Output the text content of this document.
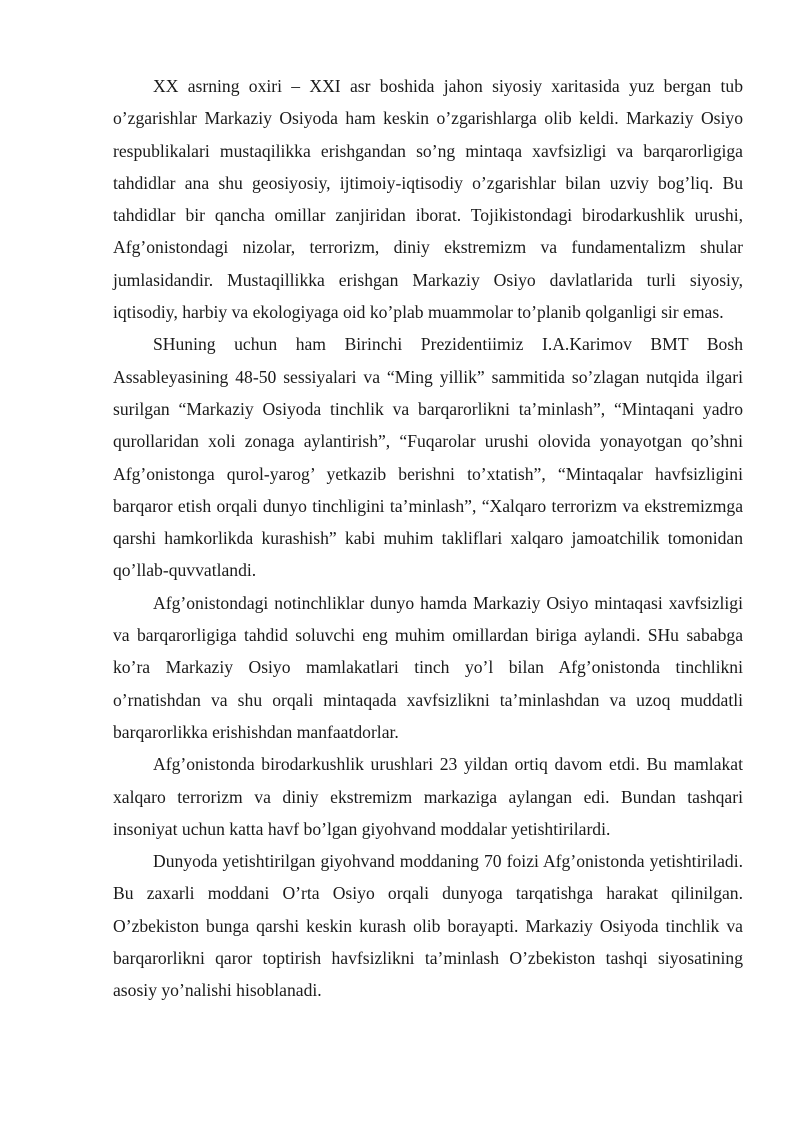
XX asrning oxiri – XXI asr boshida jahon siyosiy xaritasida yuz bergan tub o’zgarishlar Markaziy Osiyoda ham keskin o’zgarishlarga olib keldi. Markaziy Osiyo respublikalari mustaqilikka erishgandan so’ng mintaqa xavfsizligi va barqarorligiga tahdidlar ana shu geosiyosiy, ijtimoiy-iqtisodiy o’zgarishlar bilan uzviy bog’liq. Bu tahdidlar bir qancha omillar zanjiridan iborat. Tojikistondagi birodarkushlik urushi, Afg’onistondagi nizolar, terrorizm, diniy ekstremizm va fundamentalizm shular jumlasidandir. Mustaqillikka erishgan Markaziy Osiyo davlatlarida turli siyosiy, iqtisodiy, harbiy va ekologiyaga oid ko’plab muammolar to’planib qolganligi sir emas.

SHuning uchun ham Birinchi Prezidentiimiz I.A.Karimov BMT Bosh Assableyasining 48-50 sessiyalari va “Ming yillik” sammitida so’zlagan nutqida ilgari surilgan “Markaziy Osiyoda tinchlik va barqarorlikni ta’minlash”, “Mintaqani yadro qurollaridan xoli zonaga aylantirish”, “Fuqarolar urushi olovida yonayotgan qo’shni Afg’onistonga qurol-yarog’ yetkazib berishni to’xtatish”, “Mintaqalar havfsizligini barqaror etish orqali dunyo tinchligini ta’minlash”, “Xalqaro terrorizm va ekstremizmga qarshi hamkorlikda kurashish” kabi muhim takliflari xalqaro jamoatchilik tomonidan qo’llab-quvvatlandi.

Afg’onistondagi notinchliklar dunyo hamda Markaziy Osiyo mintaqasi xavfsizligi va barqarorligiga tahdid soluvchi eng muhim omillardan biriga aylandi. SHu sababga ko’ra Markaziy Osiyo mamlakatlari tinch yo’l bilan Afg’onistonda tinchlikni o’rnatishdan va shu orqali mintaqada xavfsizlikni ta’minlashdan va uzoq muddatli barqarorlikka erishishdan manfaatdorlar.

Afg’onistonda birodarkushlik urushlari 23 yildan ortiq davom etdi. Bu mamlakat xalqaro terrorizm va diniy ekstremizm markaziga aylangan edi. Bundan tashqari insoniyat uchun katta havf bo’lgan giyohvand moddalar yetishtirilardi.

Dunyoda yetishtirilgan giyohvand moddaning 70 foizi Afg’onistonda yetishtiriladi. Bu zaxarli moddani O’rta Osiyo orqali dunyoga tarqatishga harakat qilinilgan. O’zbekiston bunga qarshi keskin kurash olib borayapti. Markaziy Osiyoda tinchlik va barqarorlikni qaror toptirish havfsizlikni ta’minlash O’zbekiston tashqi siyosatining asosiy yo’nalishi hisoblanadi.
